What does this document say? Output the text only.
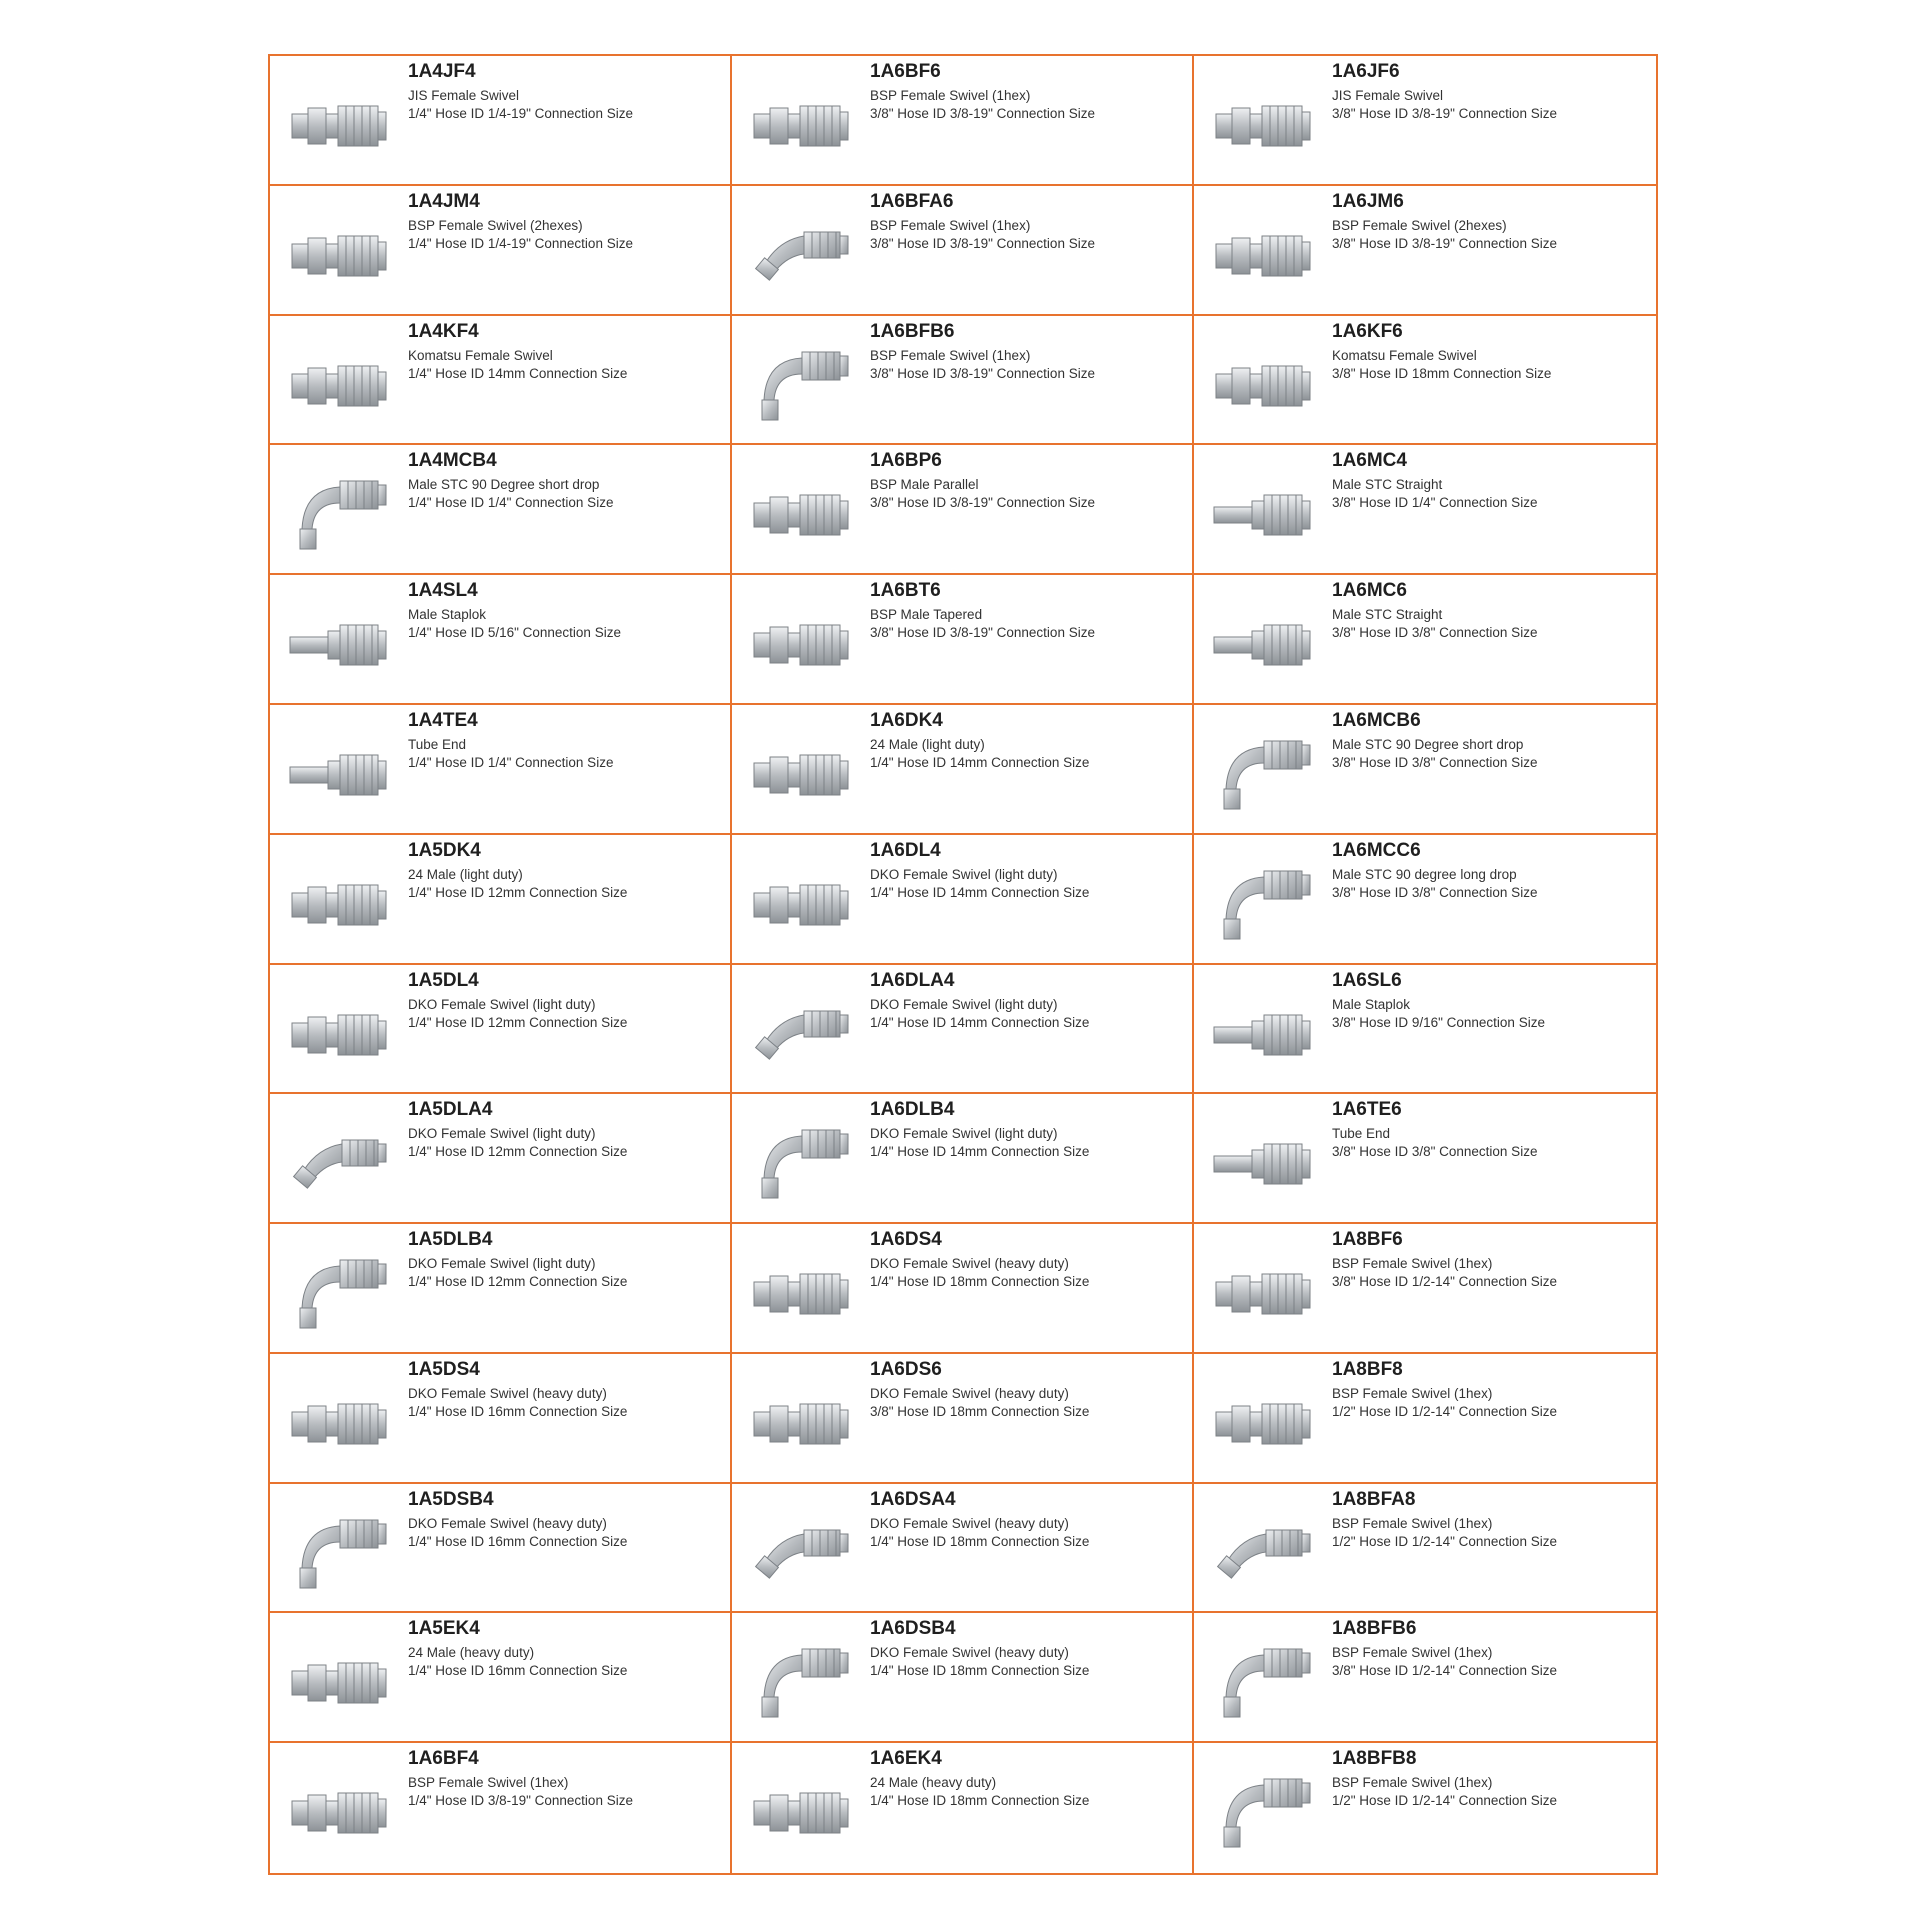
1A4JF4
JIS Female Swivel
1/4" Hose ID 1/4-19" Connection Size
1A6BF6
BSP Female Swivel (1hex)
3/8" Hose ID 3/8-19" Connection Size
1A6JF6
JIS Female Swivel
3/8" Hose ID 3/8-19" Connection Size
1A4JM4
BSP Female Swivel (2hexes)
1/4" Hose ID 1/4-19" Connection Size
1A6BFA6
BSP Female Swivel (1hex)
3/8" Hose ID 3/8-19" Connection Size
1A6JM6
BSP Female Swivel (2hexes)
3/8" Hose ID 3/8-19" Connection Size
1A4KF4
Komatsu Female Swivel
1/4" Hose ID 14mm Connection Size
1A6BFB6
BSP Female Swivel (1hex)
3/8" Hose ID 3/8-19" Connection Size
1A6KF6
Komatsu Female Swivel
3/8" Hose ID 18mm Connection Size
1A4MCB4
Male STC 90 Degree short drop
1/4" Hose ID 1/4" Connection Size
1A6BP6
BSP Male Parallel
3/8" Hose ID 3/8-19" Connection Size
1A6MC4
Male STC Straight
3/8" Hose ID 1/4" Connection Size
1A4SL4
Male Staplok
1/4" Hose ID 5/16" Connection Size
1A6BT6
BSP Male Tapered
3/8" Hose ID 3/8-19" Connection Size
1A6MC6
Male STC Straight
3/8" Hose ID 3/8" Connection Size
1A4TE4
Tube End
1/4" Hose ID 1/4" Connection Size
1A6DK4
24 Male (light duty)
1/4" Hose ID 14mm Connection Size
1A6MCB6
Male STC 90 Degree short drop
3/8" Hose ID 3/8" Connection Size
1A5DK4
24 Male (light duty)
1/4" Hose ID 12mm Connection Size
1A6DL4
DKO Female Swivel (light duty)
1/4" Hose ID 14mm Connection Size
1A6MCC6
Male STC 90 degree long drop
3/8" Hose ID 3/8" Connection Size
1A5DL4
DKO Female Swivel (light duty)
1/4" Hose ID 12mm Connection Size
1A6DLA4
DKO Female Swivel (light duty)
1/4" Hose ID 14mm Connection Size
1A6SL6
Male Staplok
3/8" Hose ID 9/16" Connection Size
1A5DLA4
DKO Female Swivel (light duty)
1/4" Hose ID 12mm Connection Size
1A6DLB4
DKO Female Swivel (light duty)
1/4" Hose ID 14mm Connection Size
1A6TE6
Tube End
3/8" Hose ID 3/8" Connection Size
1A5DLB4
DKO Female Swivel (light duty)
1/4" Hose ID 12mm Connection Size
1A6DS4
DKO Female Swivel (heavy duty)
1/4" Hose ID 18mm Connection Size
1A8BF6
BSP Female Swivel (1hex)
3/8" Hose ID 1/2-14" Connection Size
1A5DS4
DKO Female Swivel (heavy duty)
1/4" Hose ID 16mm Connection Size
1A6DS6
DKO Female Swivel (heavy duty)
3/8" Hose ID 18mm Connection Size
1A8BF8
BSP Female Swivel (1hex)
1/2" Hose ID 1/2-14" Connection Size
1A5DSB4
DKO Female Swivel (heavy duty)
1/4" Hose ID 16mm Connection Size
1A6DSA4
DKO Female Swivel (heavy duty)
1/4" Hose ID 18mm Connection Size
1A8BFA8
BSP Female Swivel (1hex)
1/2" Hose ID 1/2-14" Connection Size
1A5EK4
24 Male (heavy duty)
1/4" Hose ID 16mm Connection Size
1A6DSB4
DKO Female Swivel (heavy duty)
1/4" Hose ID 18mm Connection Size
1A8BFB6
BSP Female Swivel (1hex)
3/8" Hose ID 1/2-14" Connection Size
1A6BF4
BSP Female Swivel (1hex)
1/4" Hose ID 3/8-19" Connection Size
1A6EK4
24 Male (heavy duty)
1/4" Hose ID 18mm Connection Size
1A8BFB8
BSP Female Swivel (1hex)
1/2" Hose ID 1/2-14" Connection Size
